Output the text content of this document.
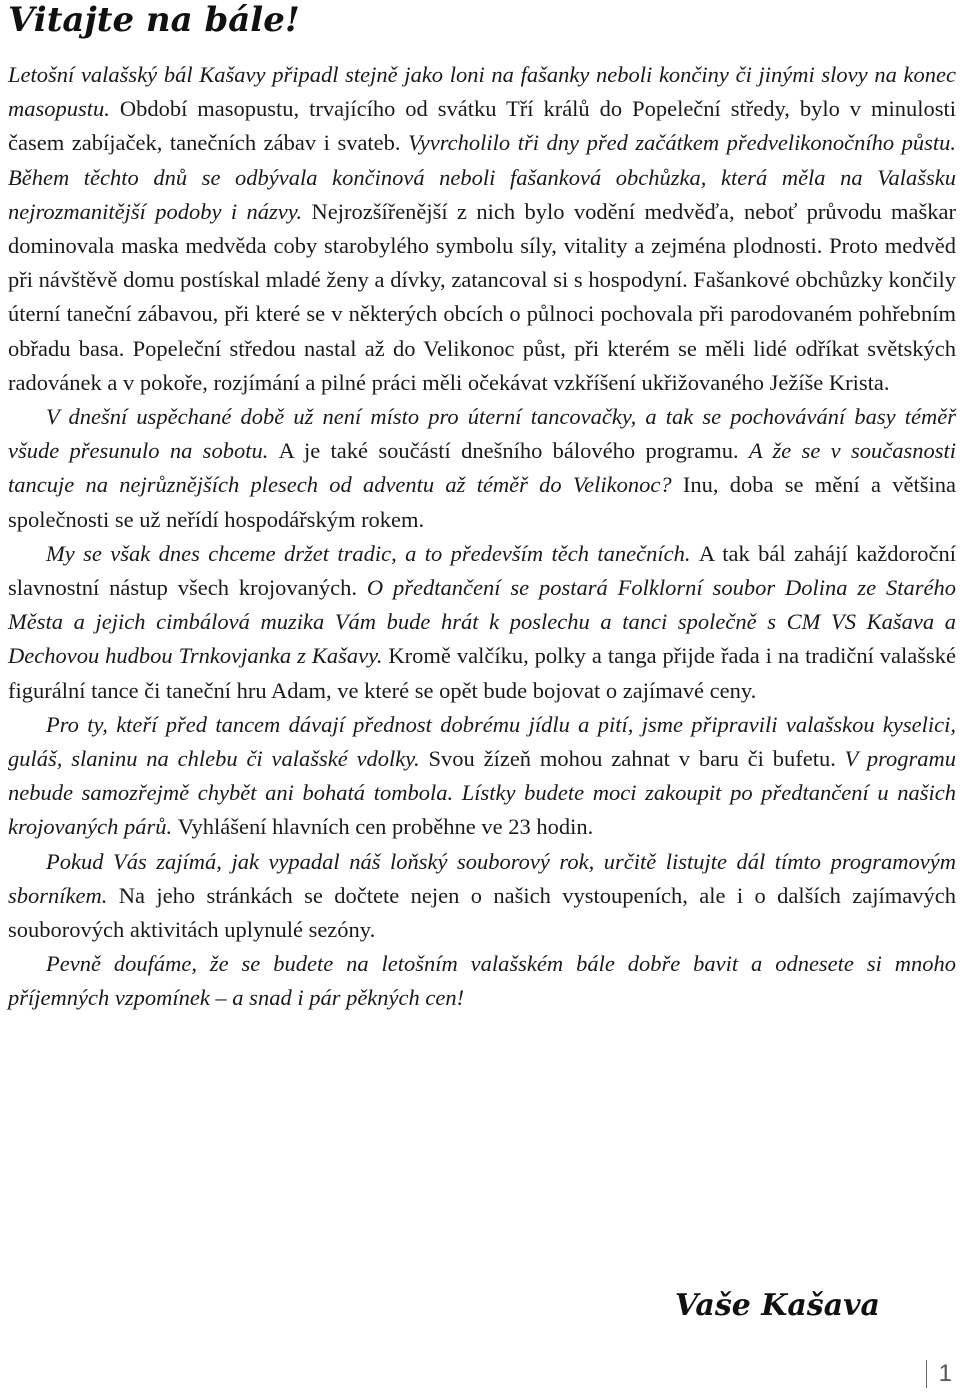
Vitajte na bále!

Letošní valašský bál Kašavy připadl stejně jako loni na fašanky neboli končiny či jinými slovy na konec masopustu. Období masopustu, trvajícího od svátku Tří králů do Popeleční středy, bylo v minulosti časem zabíjaček, tanečních zábav i svateb. Vyvrcholilo tři dny před začátkem předvelikonočního půstu. Během těchto dnů se odbývala končinová neboli fašanková obchůzka, která měla na Valašsku nejrozmanitější podoby i názvy. Nejrozšířenější z nich bylo vodění medvěďa, neboť průvodu maškar dominovala maska medvěda coby starobylého symbolu síly, vitality a zejména plodnosti. Proto medvěd při návštěvě domu postískal mladé ženy a dívky, zatancoval si s hospodyní. Fašankové obchůzky končily úterní taneční zábavou, při které se v některých obcích o půlnoci pochovala při parodovaném pohřebním obřadu basa. Popeleční středou nastal až do Velikonoc půst, při kterém se měli lidé odříkat světských radovánek a v pokoře, rozjímání a pilné práci měli očekávat vzkříšení ukřižovaného Ježíše Krista.

V dnešní uspěchané době už není místo pro úterní tancovačky, a tak se pochovávání basy téměř všude přesunulo na sobotu. A je také součástí dnešního bálového programu. A že se v současnosti tancuje na nejrůznějších plesech od adventu až téměř do Velikonoc? Inu, doba se mění a většina společnosti se už neřídí hospodářským rokem.

My se však dnes chceme držet tradic, a to především těch tanečních. A tak bál zahájí každoroční slavnostní nástup všech krojovaných. O předtančení se postará Folklorní soubor Dolina ze Starého Města a jejich cimbálová muzika Vám bude hrát k poslechu a tanci společně s CM VS Kašava a Dechovou hudbou Trnkovjanka z Kašavy. Kromě valčíku, polky a tanga přijde řada i na tradiční valašské figurální tance či taneční hru Adam, ve které se opět bude bojovat o zajímavé ceny.

Pro ty, kteří před tancem dávají přednost dobrému jídlu a pití, jsme připravili valašskou kyselici, guláš, slaninu na chlebu či valašské vdolky. Svou žízeň mohou zahnat v baru či bufetu. V programu nebude samozřejmě chybět ani bohatá tombola. Lístky budete moci zakoupit po předtančení u našich krojovaných párů. Vyhlášení hlavních cen proběhne ve 23 hodin.

Pokud Vás zajímá, jak vypadal náš loňský souborový rok, určitě listujte dál tímto programovým sborníkem. Na jeho stránkách se dočtete nejen o našich vystoupeních, ale i o dalších zajímavých souborových aktivitách uplynulé sezóny.

Pevně doufáme, že se budete na letošním valašském bále dobře bavit a odnesete si mnoho příjemných vzpomínek – a snad i pár pěkných cen!

Vaše Kašava
1
